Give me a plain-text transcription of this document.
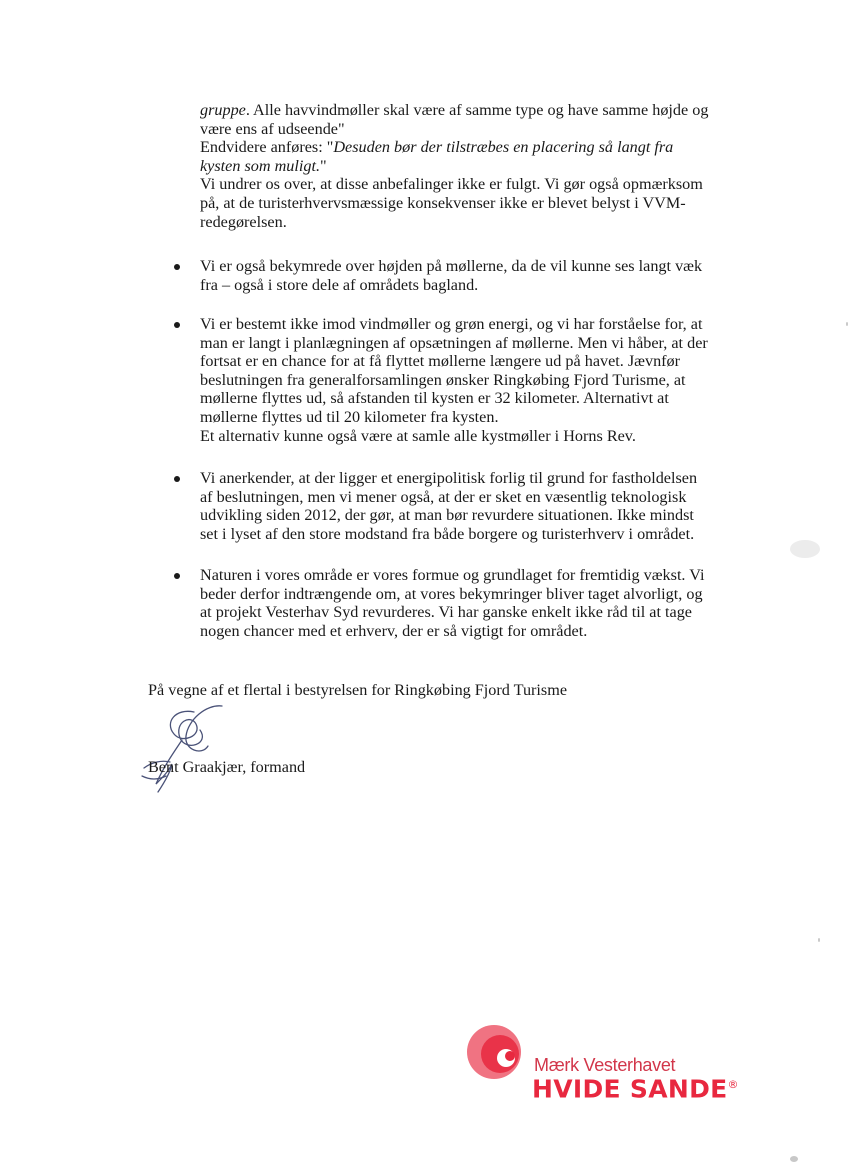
gruppe. Alle havvindmøller skal være af samme type og have samme højde og
være ens af udseende"
Endvidere anføres: "Desuden bør der tilstræbes en placering så langt fra
kysten som muligt."
Vi undrer os over, at disse anbefalinger ikke er fulgt. Vi gør også opmærksom
på, at de turisterhvervsmæssige konsekvenser ikke er blevet belyst i VVM-
redegørelsen.
Vi er også bekymrede over højden på møllerne, da de vil kunne ses langt væk
fra – også i store dele af områdets bagland.
Vi er bestemt ikke imod vindmøller og grøn energi, og vi har forståelse for, at
man er langt i planlægningen af opsætningen af møllerne. Men vi håber, at der
fortsat er en chance for at få flyttet møllerne længere ud på havet. Jævnfør
beslutningen fra generalforsamlingen ønsker Ringkøbing Fjord Turisme, at
møllerne flyttes ud, så afstanden til kysten er 32 kilometer. Alternativt at
møllerne flyttes ud til 20 kilometer fra kysten.
Et alternativ kunne også være at samle alle kystmøller i Horns Rev.
Vi anerkender, at der ligger et energipolitisk forlig til grund for fastholdelsen
af beslutningen, men vi mener også, at der er sket en væsentlig teknologisk
udvikling siden 2012, der gør, at man bør revurdere situationen. Ikke mindst
set i lyset af den store modstand fra både borgere og turisterhverv i området.
Naturen i vores område er vores formue og grundlaget for fremtidig vækst. Vi
beder derfor indtrængende om, at vores bekymringer bliver taget alvorligt, og
at projekt Vesterhav Syd revurderes. Vi har ganske enkelt ikke råd til at tage
nogen chancer med et erhverv, der er så vigtigt for området.
På vegne af et flertal i bestyrelsen for Ringkøbing Fjord Turisme
Bent Graakjær, formand
Mærk Vesterhavet
HVIDE SANDE®
